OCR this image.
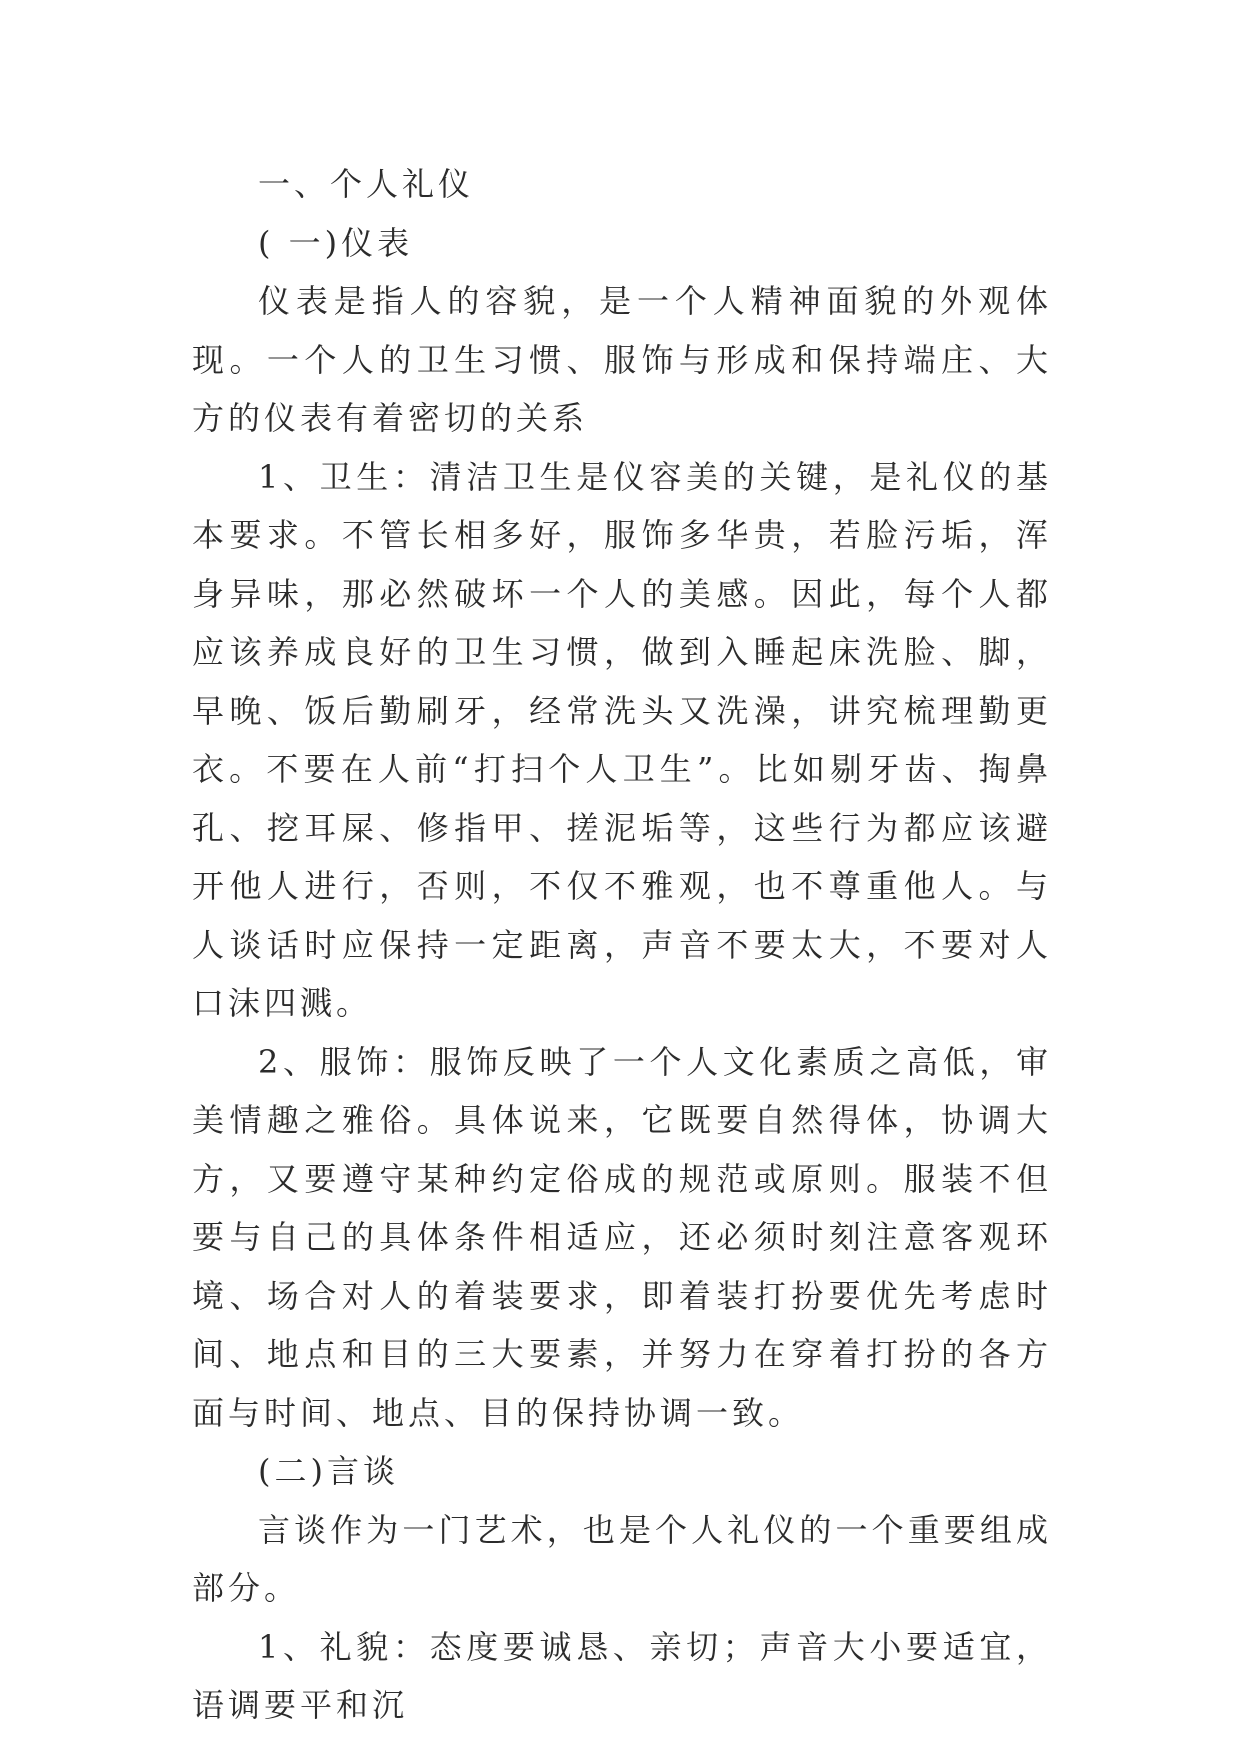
一、个人礼仪

( 一)仪表

仪表是指人的容貌，是一个人精神面貌的外观体现。一个人的卫生习惯、服饰与形成和保持端庄、大方的仪表有着密切的关系

1、卫生：清洁卫生是仪容美的关键，是礼仪的基本要求。不管长相多好，服饰多华贵，若脸污垢，浑身异味，那必然破坏一个人的美感。因此，每个人都应该养成良好的卫生习惯，做到入睡起床洗脸、脚，早晚、饭后勤刷牙，经常洗头又洗澡，讲究梳理勤更衣。不要在人前“打扫个人卫生”。比如剔牙齿、掏鼻孔、挖耳屎、修指甲、搓泥垢等，这些行为都应该避开他人进行，否则，不仅不雅观，也不尊重他人。与人谈话时应保持一定距离，声音不要太大，不要对人口沫四溅。

2、服饰：服饰反映了一个人文化素质之高低，审美情趣之雅俗。具体说来，它既要自然得体，协调大方，又要遵守某种约定俗成的规范或原则。服装不但要与自己的具体条件相适应，还必须时刻注意客观环境、场合对人的着装要求，即着装打扮要优先考虑时间、地点和目的三大要素，并努力在穿着打扮的各方面与时间、地点、目的保持协调一致。

(二)言谈

言谈作为一门艺术，也是个人礼仪的一个重要组成部分。

1、礼貌：态度要诚恳、亲切；声音大小要适宜，语调要平和沉
